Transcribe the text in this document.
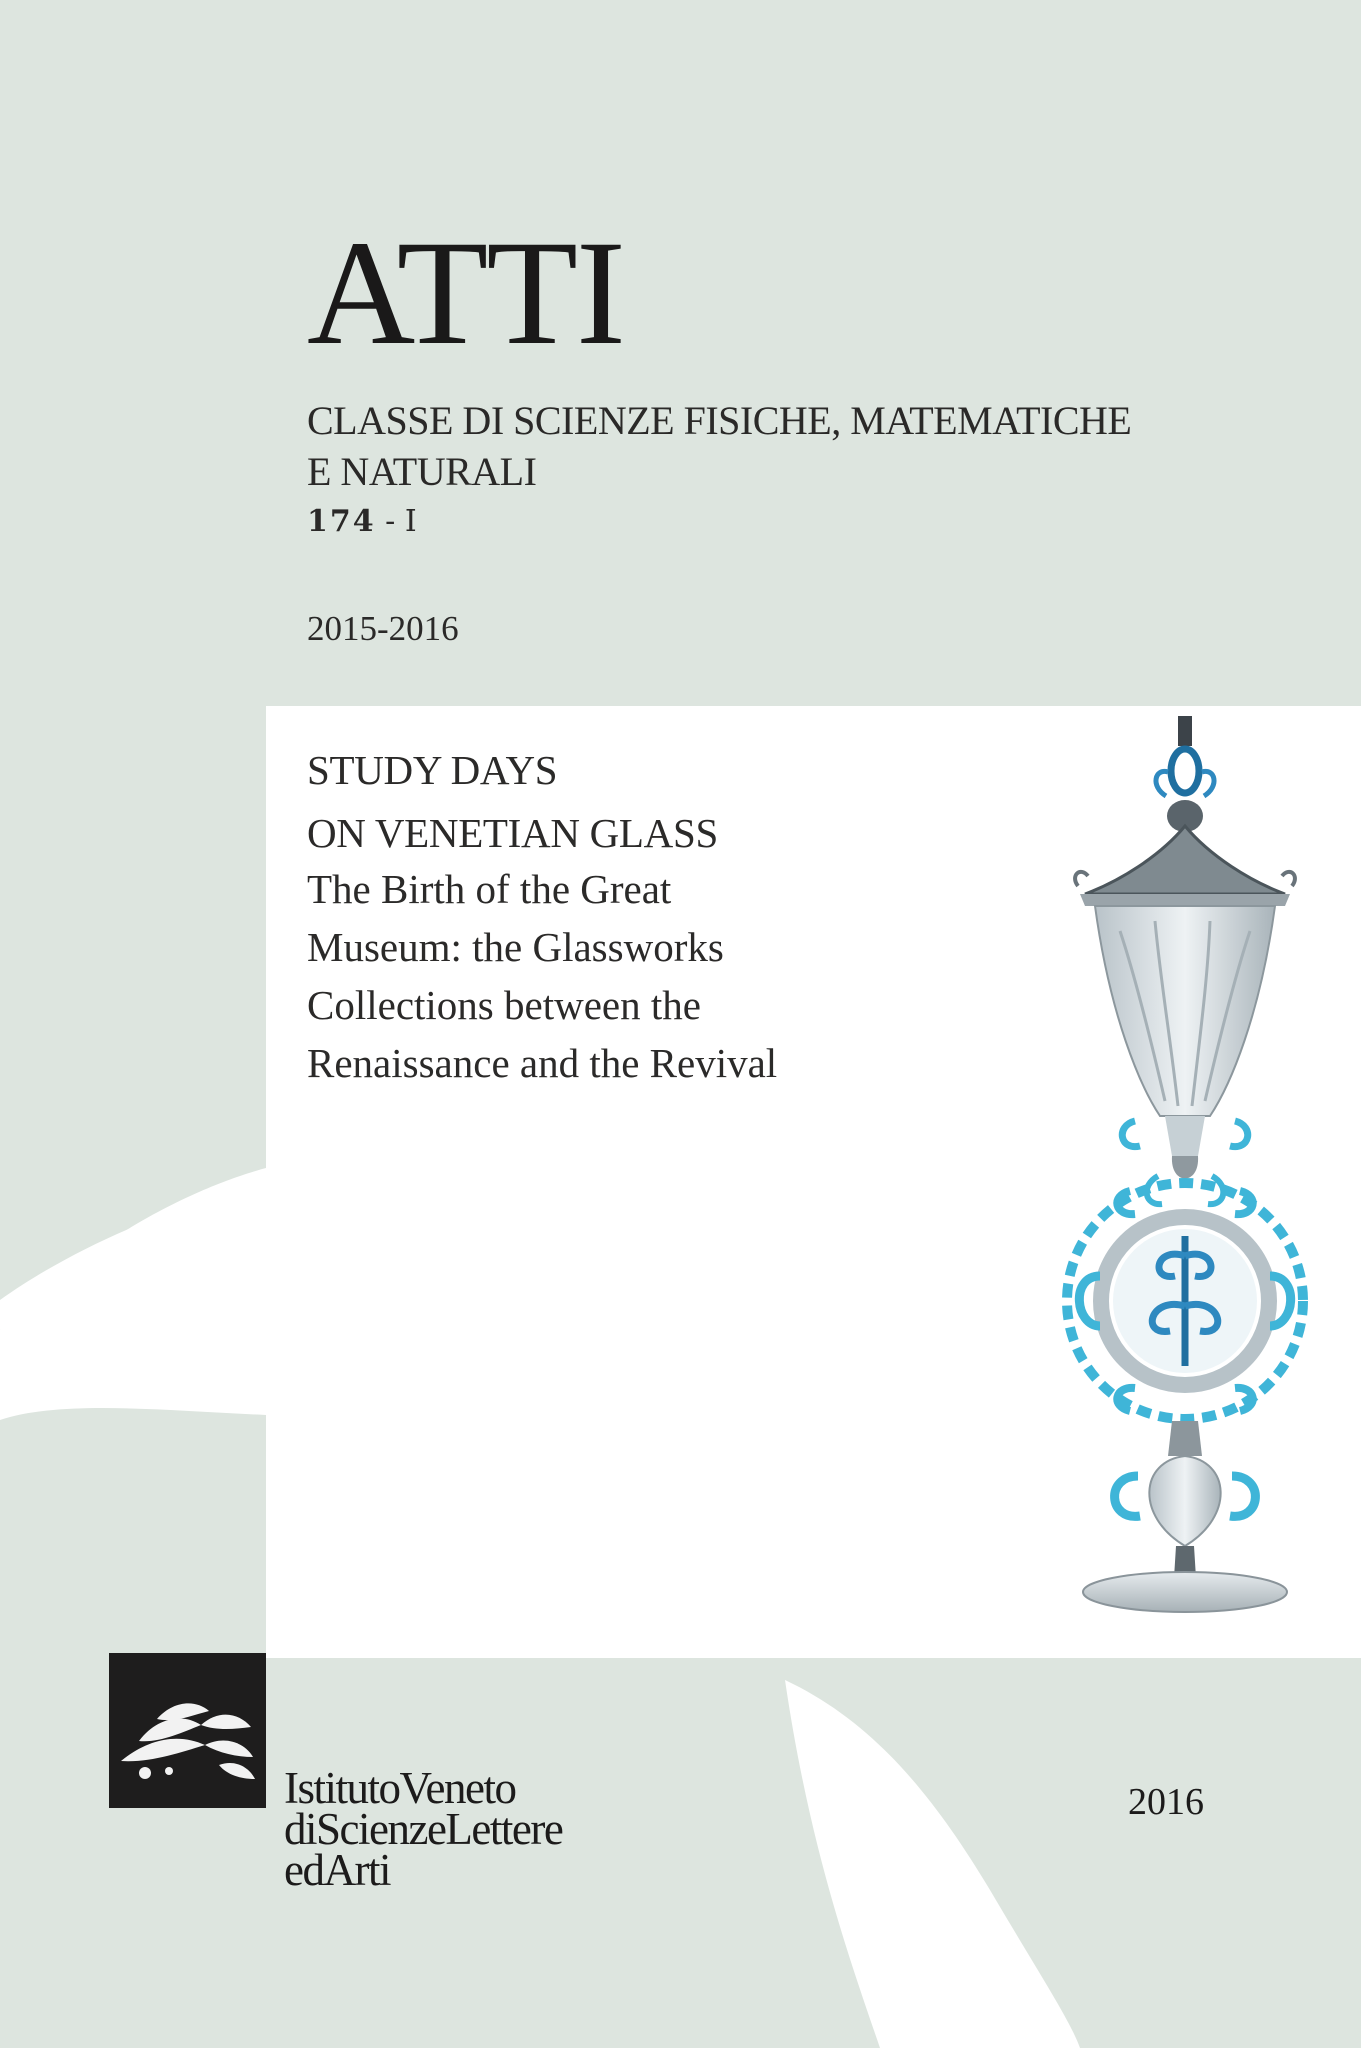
ATTI

CLASSE DI SCIENZE FISICHE, MATEMATICHE
E NATURALI

174 - I

2015-2016

STUDY DAYS
ON VENETIAN GLASS

The Birth of the Great
Museum: the Glassworks
Collections between the
Renaissance and the Revival

IstitutoVeneto
diScienzeLettere
edArti

2016
